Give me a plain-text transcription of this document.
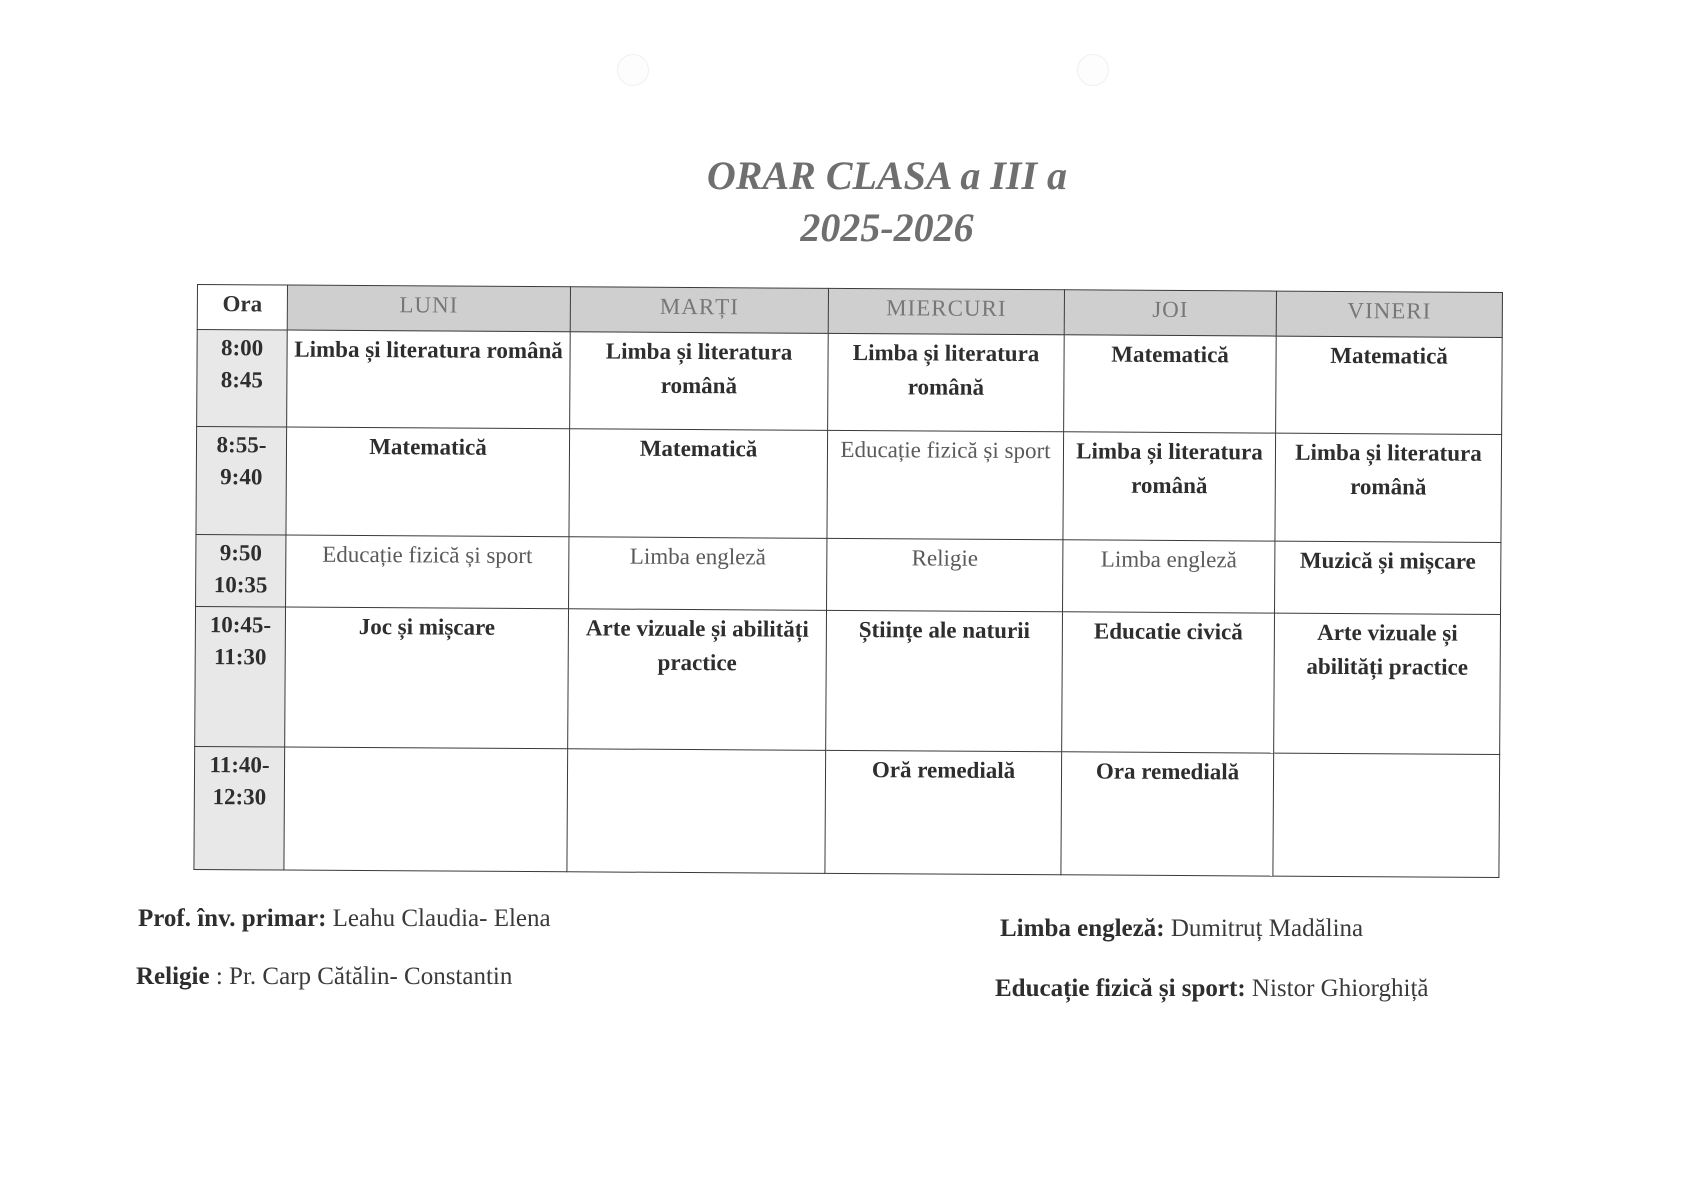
ORAR CLASA a III a
2025-2026
Ora	LUNI	MARȚI	MIERCURI	JOI	VINERI

8:00
8:45	Limba și literatura română	Limba și literatura română	Limba și literatura română	Matematică	Matematică

8:55-
9:40	Matematică	Matematică	Educație fizică și sport	Limba și literatura română	Limba și literatura română

9:50
10:35	Educație fizică și sport	Limba engleză	Religie	Limba engleză	Muzică și mișcare

10:45-
11:30	Joc și mișcare	Arte vizuale și abilități practice	Științe ale naturii	Educatie civică	Arte vizuale și abilități practice

11:40-
12:30			Oră remedială	Ora remedială	
Prof. înv. primar: Leahu Claudia- Elena
Religie : Pr. Carp Cătălin- Constantin
Limba engleză: Dumitruț Madălina
Educație fizică și sport: Nistor Ghiorghiță
